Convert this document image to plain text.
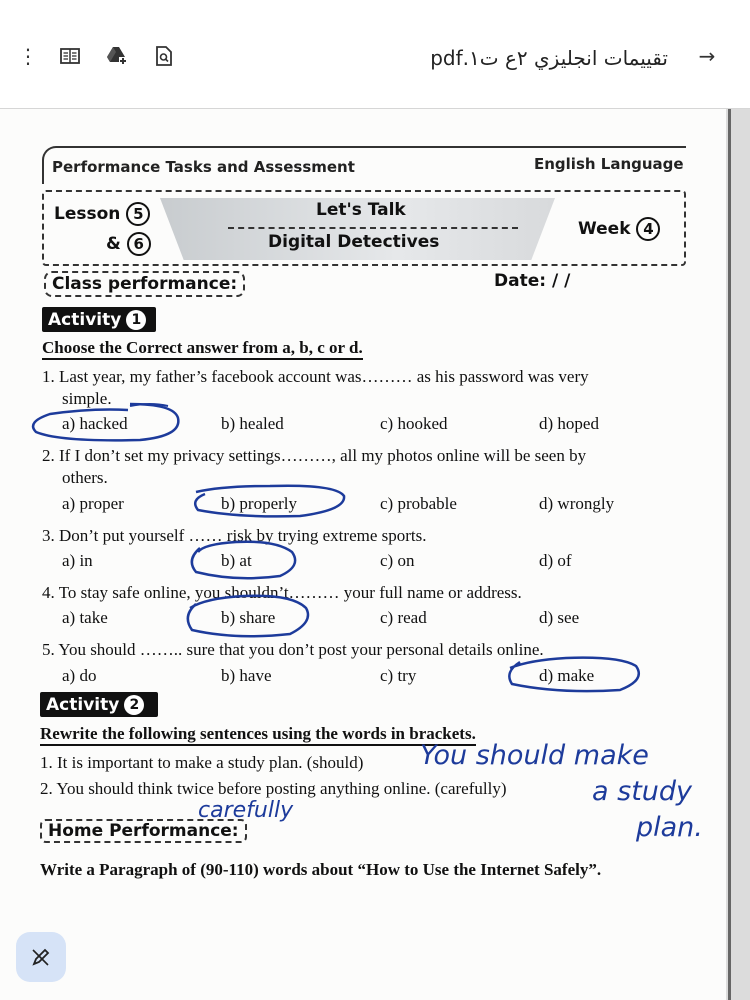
⋮	تقييمات انجليزي ٢ع ت١.pdf →
Performance Tasks and Assessment	English Language
Lesson 5
& 6
Let's Talk
Digital Detectives
Week 4
Class performance:	Date: / /
Activity 1
Choose the Correct answer from a, b, c or d.
1. Last year, my father’s facebook account was……… as his password was very
simple.
a) hacked	b) healed	c) hooked	d) hoped
2. If I don’t set my privacy settings………, all my photos online will be seen by
others.
a) proper	b) properly	c) probable	d) wrongly
3. Don’t put yourself …… risk by trying extreme sports.
a) in	b) at	c) on	d) of
4. To stay safe online, you shouldn’t……… your full name or address.
a) take	b) share	c) read	d) see
5. You should …….. sure that you don’t post your personal details online.
a) do	b) have	c) try	d) make
Activity 2
Rewrite the following sentences using the words in brackets.
1. It is important to make a study plan. (should)
2. You should think twice before posting anything online. (carefully)
You should make
a study
plan.
carefully
Home Performance:
Write a Paragraph of (90-110) words about “How to Use the Internet Safely”.
